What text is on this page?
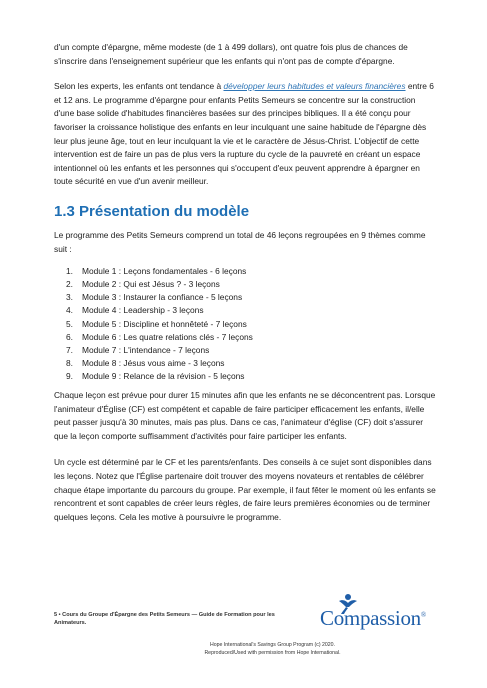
d'un compte d'épargne, même modeste (de 1 à 499 dollars), ont quatre fois plus de chances de s'inscrire dans l'enseignement supérieur que les enfants qui n'ont pas de compte d'épargne.

Selon les experts, les enfants ont tendance à développer leurs habitudes et valeurs financières entre 6 et 12 ans. Le programme d'épargne pour enfants Petits Semeurs se concentre sur la construction d'une base solide d'habitudes financières basées sur des principes bibliques. Il a été conçu pour favoriser la croissance holistique des enfants en leur inculquant une saine habitude de l'épargne dès leur plus jeune âge, tout en leur inculquant la vie et le caractère de Jésus-Christ. L'objectif de cette intervention est de faire un pas de plus vers la rupture du cycle de la pauvreté en créant un espace intentionnel où les enfants et les personnes qui s'occupent d'eux peuvent apprendre à épargner en toute sécurité en vue d'un avenir meilleur.

1.3 Présentation du modèle

Le programme des Petits Semeurs comprend un total de 46 leçons regroupées en 9 thèmes comme suit :

1.	Module 1 : Leçons fondamentales - 6 leçons
2.	Module 2 : Qui est Jésus ? - 3 leçons
3.	Module 3 : Instaurer la confiance - 5 leçons
4.	Module 4 : Leadership - 3 leçons
5.	Module 5 : Discipline et honnêteté - 7 leçons
6.	Module 6 : Les quatre relations clés - 7 leçons
7.	Module 7 : L'intendance - 7 leçons
8.	Module 8 : Jésus vous aime - 3 leçons
9.	Module 9 : Relance de la révision - 5 leçons

Chaque leçon est prévue pour durer 15 minutes afin que les enfants ne se déconcentrent pas. Lorsque l'animateur d'Église (CF) est compétent et capable de faire participer efficacement les enfants, il/elle peut passer jusqu'à 30 minutes, mais pas plus. Dans ce cas, l'animateur d'église (CF) doit s'assurer que la leçon comporte suffisamment d'activités pour faire participer les enfants.

Un cycle est déterminé par le CF et les parents/enfants. Des conseils à ce sujet sont disponibles dans les leçons. Notez que l'Église partenaire doit trouver des moyens novateurs et rentables de célébrer chaque étape importante du parcours du groupe. Par exemple, il faut fêter le moment où les enfants se rencontrent et sont capables de créer leurs règles, de faire leurs premières économies ou de terminer quelques leçons. Cela les motive à poursuivre le programme.

5 • Cours du Groupe d'Épargne des Petits Semeurs — Guide de Formation pour les
Animateurs.	Compassion®
Hope International's Savings Group Program (c) 2020.
Reproduced/Used with permission from Hope International.
